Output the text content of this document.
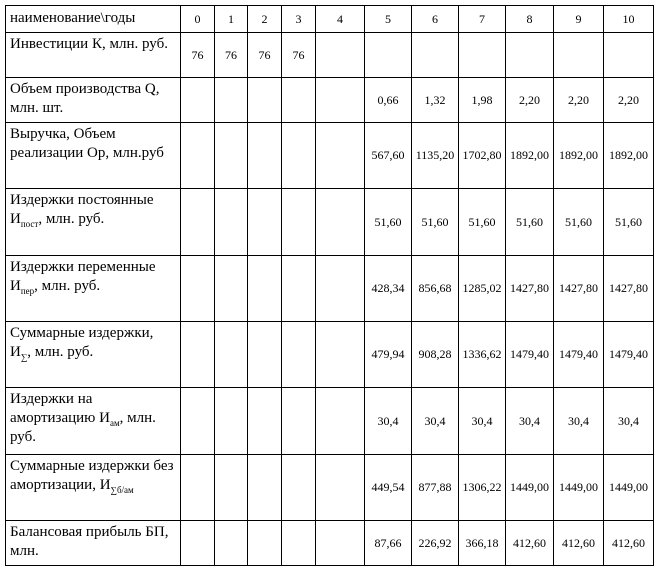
наименование\годы	0	1	2	3	4	5	6	7	8	9	10
Инвестиции К, млн. руб.	76	76	76	76							
Объем производства Q, млн. шт.						0,66	1,32	1,98	2,20	2,20	2,20
Выручка, Объем реализации Ор, млн.руб						567,60	1135,20	1702,80	1892,00	1892,00	1892,00
Издержки постоянные $И_{пост}$, млн. руб.						51,60	51,60	51,60	51,60	51,60	51,60
Издержки переменные $И_{пер}$, млн. руб.						428,34	856,68	1285,02	1427,80	1427,80	1427,80
Суммарные издержки, $И_\sum$, млн. руб.						479,94	908,28	1336,62	1479,40	1479,40	1479,40
Издержки на амортизацию $И_{ам}$, млн. руб.						30,4	30,4	30,4	30,4	30,4	30,4
Суммарные издержки без амортизации, $И_{\sum б/ам}$						449,54	877,88	1306,22	1449,00	1449,00	1449,00
Балансовая прибыль БП, млн.						87,66	226,92	366,18	412,60	412,60	412,60
